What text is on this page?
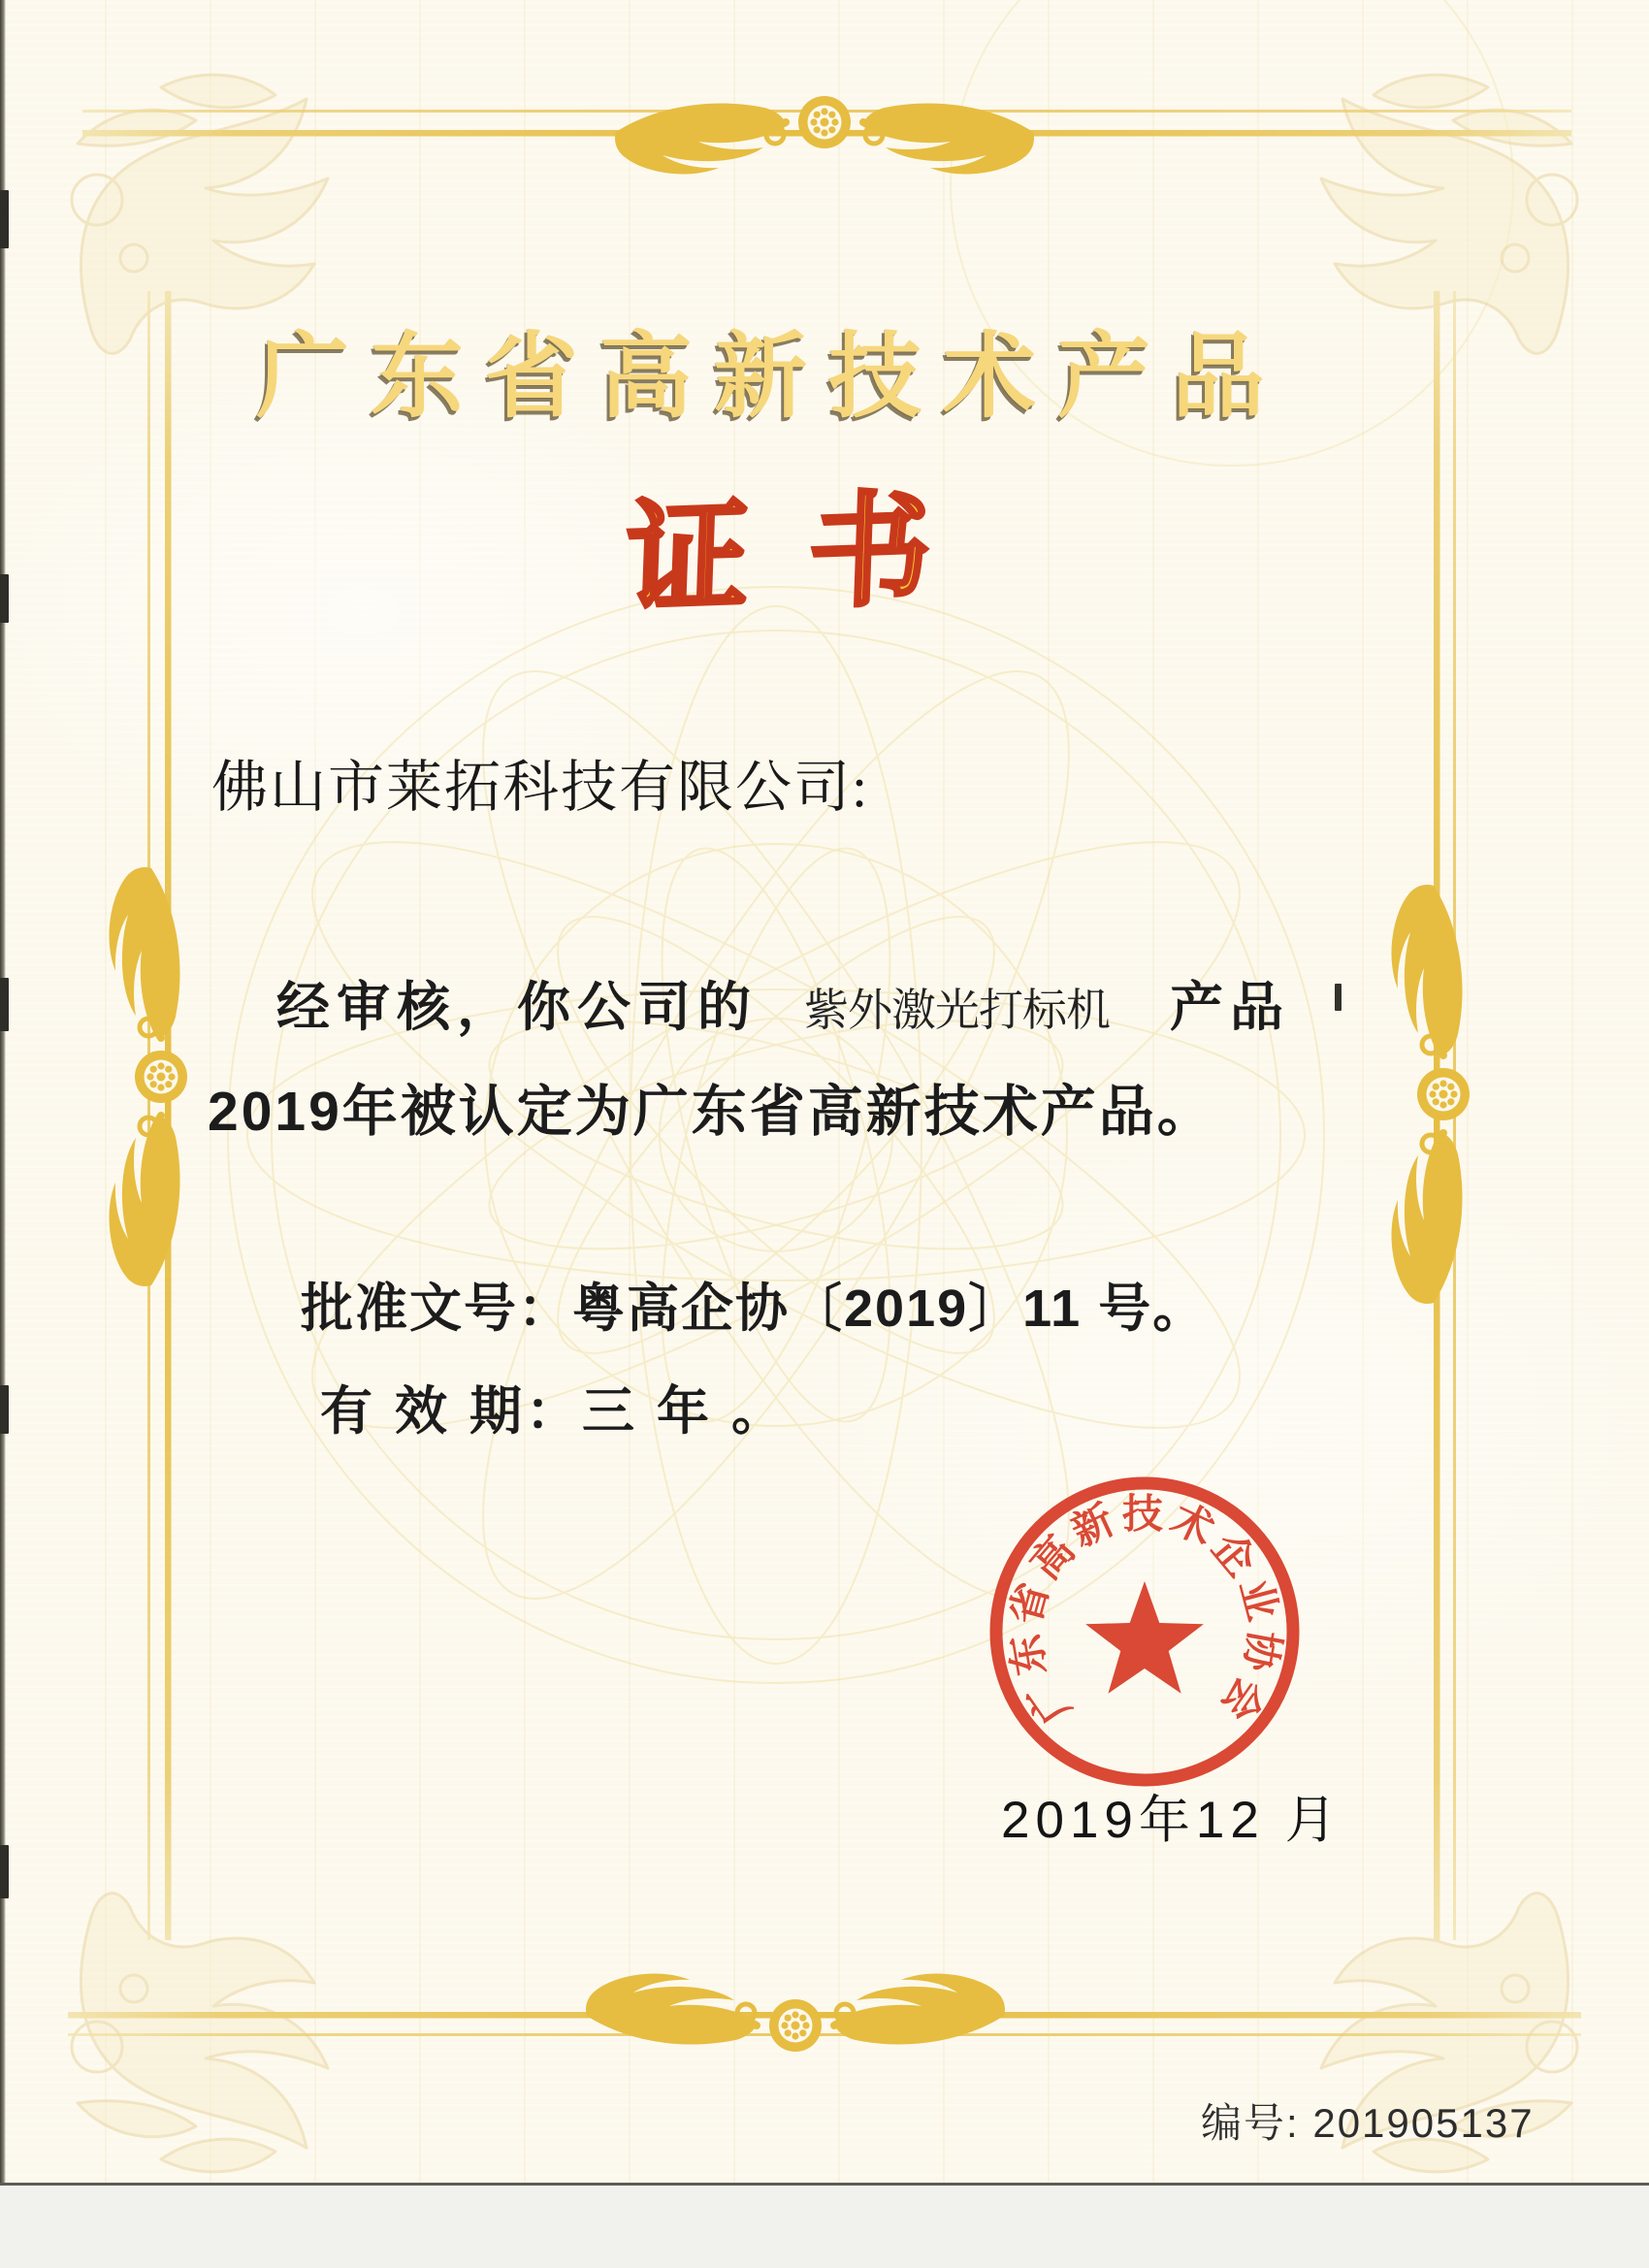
广东省高新技术产品
证书
佛山市莱拓科技有限公司:
经审核，你公司的 紫外激光打标机 产品
2019年被认定为广东省高新技术产品。
批准文号：粤高企协〔2019〕11 号。
有 效 期：三 年 。
广东省高新技术企业协会
2019年12 月
编号: 201905137
